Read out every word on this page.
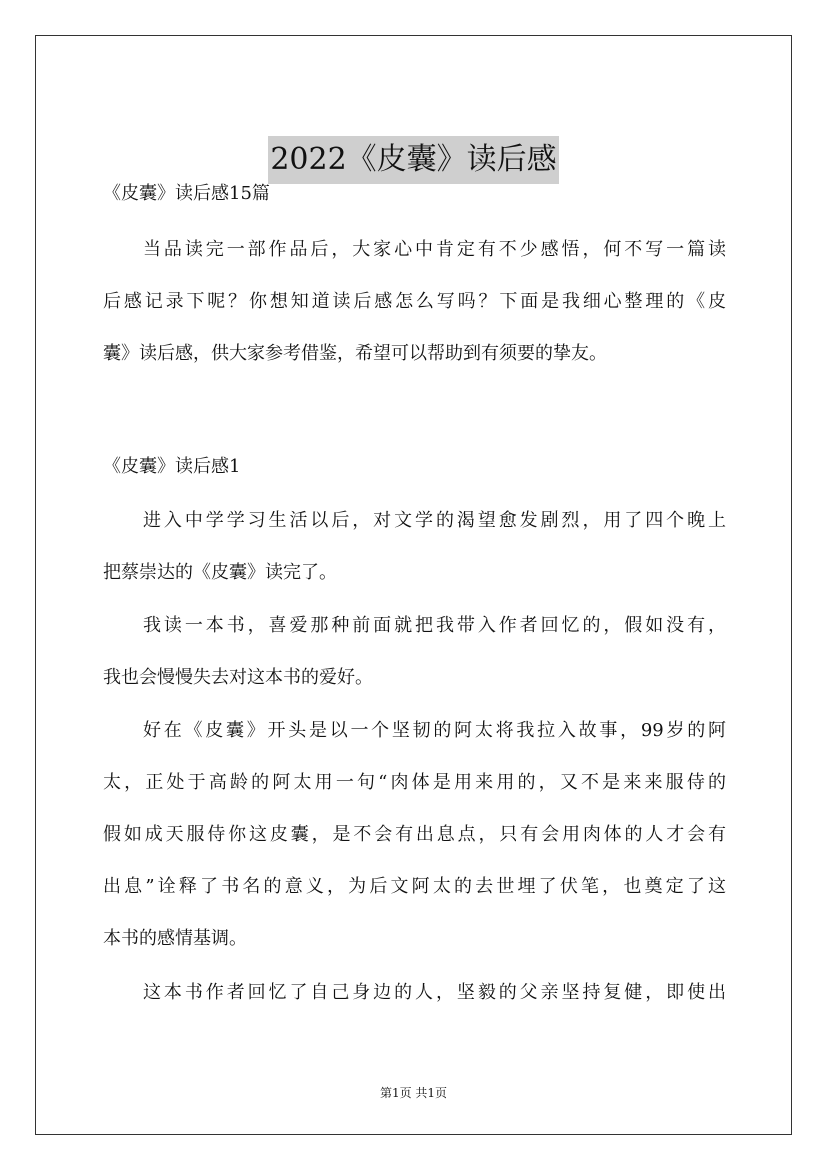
2022《皮囊》读后感
《皮囊》读后感15篇
当品读完一部作品后，大家心中肯定有不少感悟，何不写一篇读
后感记录下呢？你想知道读后感怎么写吗？下面是我细心整理的《皮
囊》读后感，供大家参考借鉴，希望可以帮助到有须要的挚友。
《皮囊》读后感1
进入中学学习生活以后，对文学的渴望愈发剧烈，用了四个晚上
把蔡崇达的《皮囊》读完了。
我读一本书，喜爱那种前面就把我带入作者回忆的，假如没有，
我也会慢慢失去对这本书的爱好。
好在《皮囊》开头是以一个坚韧的阿太将我拉入故事，99岁的阿
太，正处于高龄的阿太用一句“肉体是用来用的，又不是来来服侍的
假如成天服侍你这皮囊，是不会有出息点，只有会用肉体的人才会有
出息”诠释了书名的意义，为后文阿太的去世埋了伏笔，也奠定了这
本书的感情基调。
这本书作者回忆了自己身边的人，坚毅的父亲坚持复健，即使出
第1页 共1页
